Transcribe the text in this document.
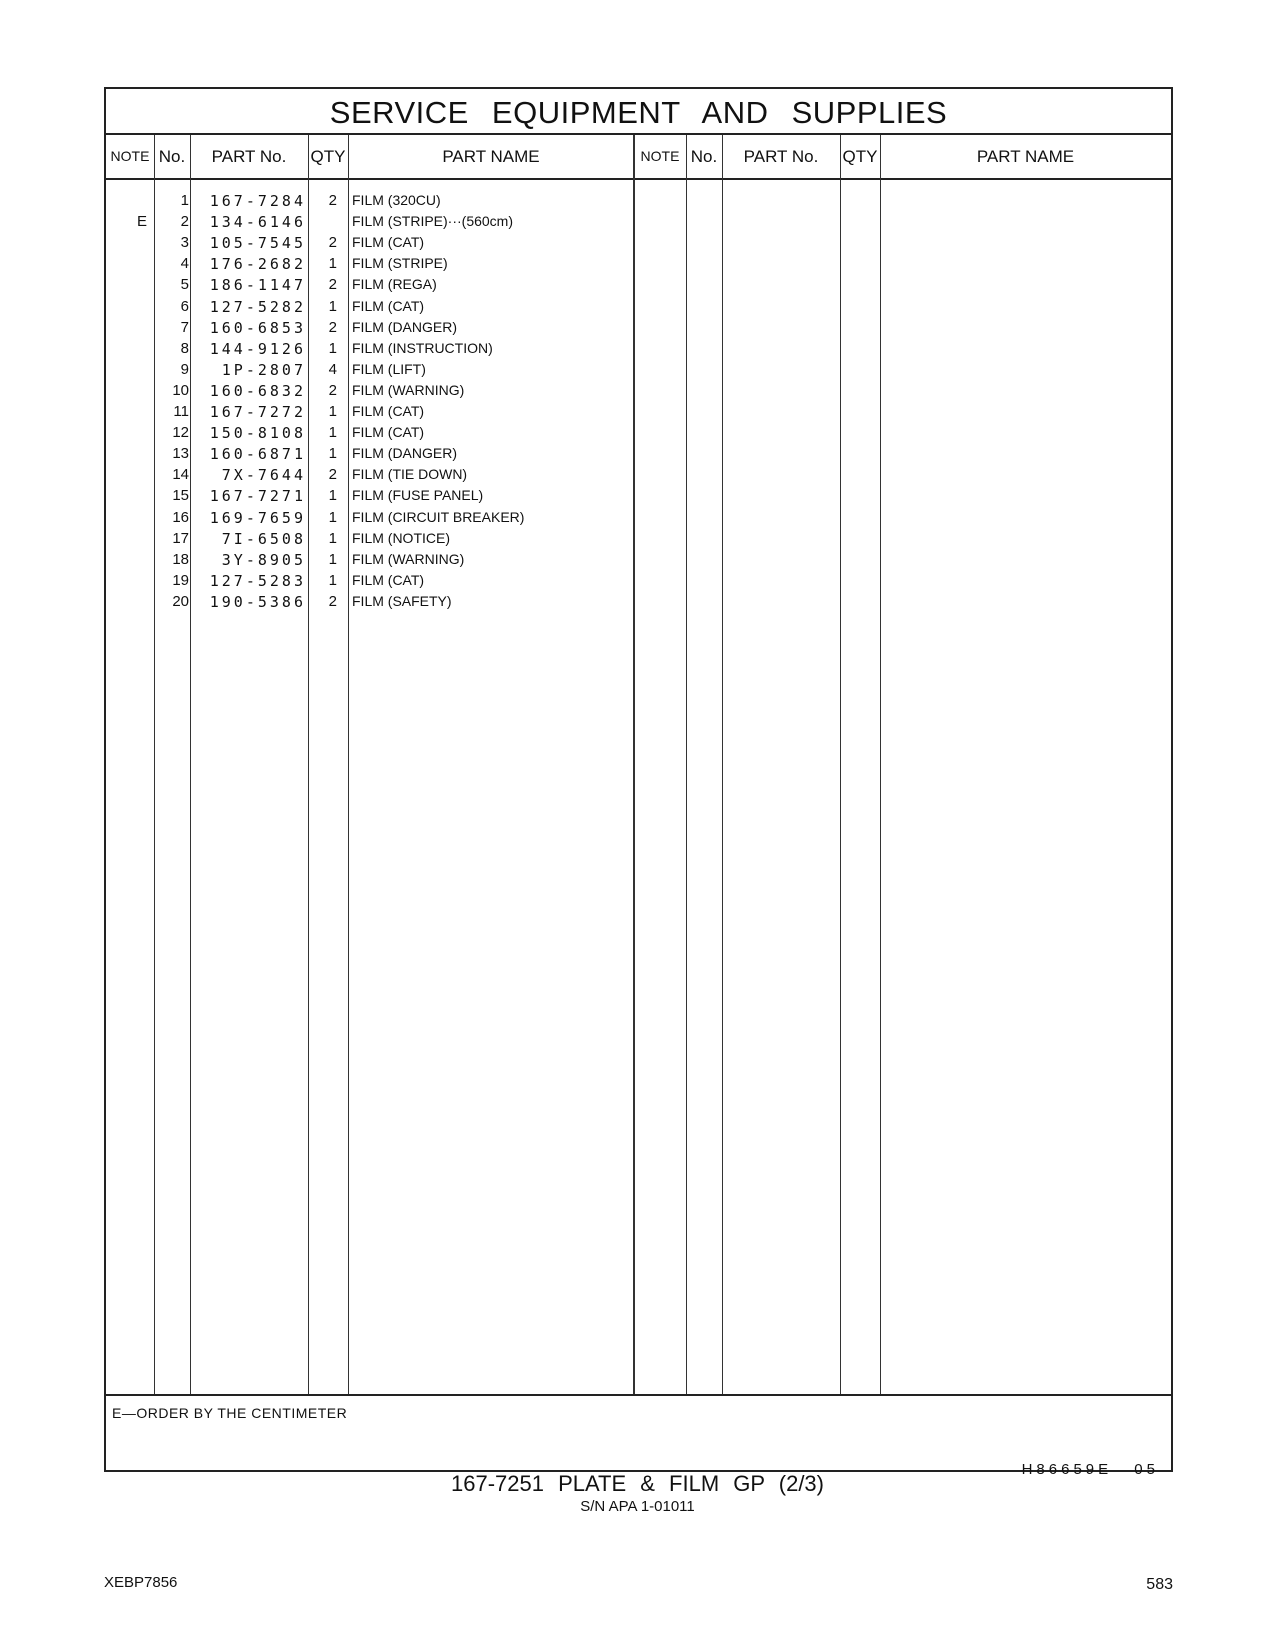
SERVICE EQUIPMENT AND SUPPLIES
NOTE No.	PART No.	QTY	PART NAME	NOTE No.	PART No.	QTY	PART NAME
1	167-7284	2 FILM (320CU)
E	2	134-6146	FILM (STRIPE)···(560cm)
3	105-7545	2 FILM (CAT)
4	176-2682	1 FILM (STRIPE)
5	186-1147	2 FILM (REGA)
6	127-5282	1 FILM (CAT)
7	160-6853	2 FILM (DANGER)
8	144-9126	1 FILM (INSTRUCTION)
9	1P-2807	4 FILM (LIFT)
10	160-6832	2 FILM (WARNING)
11	167-7272	1 FILM (CAT)
12	150-8108	1 FILM (CAT)
13	160-6871	1 FILM (DANGER)
14	7X-7644	2 FILM (TIE DOWN)
15	167-7271	1 FILM (FUSE PANEL)
16	169-7659	1 FILM (CIRCUIT BREAKER)
17	7I-6508	1 FILM (NOTICE)
18	3Y-8905	1 FILM (WARNING)
19	127-5283	1 FILM (CAT)
20	190-5386	2 FILM (SAFETY)
E—ORDER BY THE CENTIMETER
H86659E 05
167-7251 PLATE & FILM GP (2/3)
S/N APA 1-01011
XEBP7856	583
